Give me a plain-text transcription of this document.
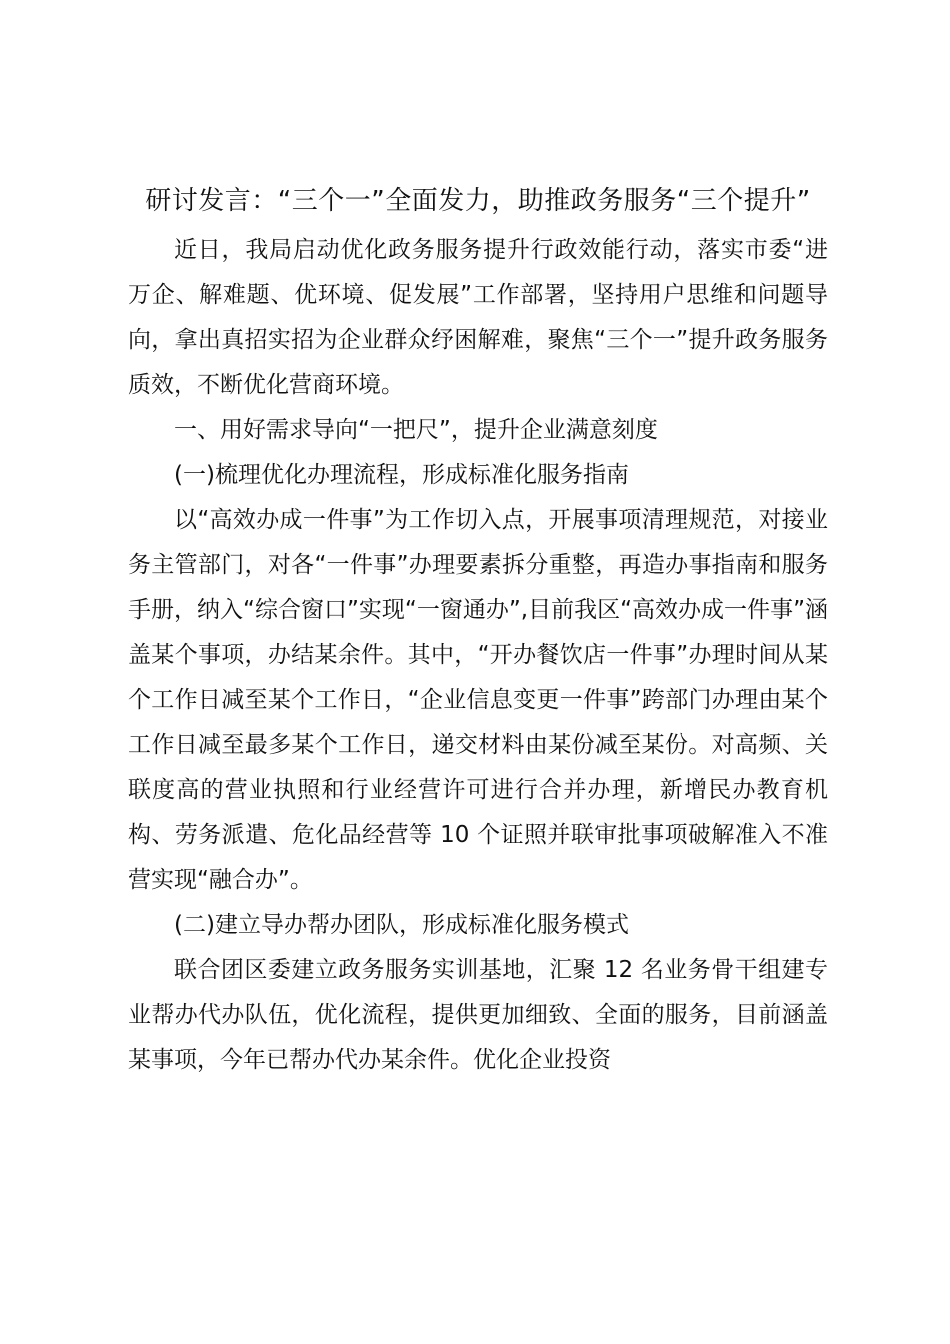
研讨发言：“三个一”全面发力，助推政务服务“三个提升”

近日，我局启动优化政务服务提升行政效能行动，落实市委“进万企、解难题、优环境、促发展”工作部署，坚持用户思维和问题导向，拿出真招实招为企业群众纾困解难，聚焦“三个一”提升政务服务质效，不断优化营商环境。

一、用好需求导向“一把尺”，提升企业满意刻度
(一)梳理优化办理流程，形成标准化服务指南

以“高效办成一件事”为工作切入点，开展事项清理规范，对接业务主管部门，对各“一件事”办理要素拆分重整，再造办事指南和服务手册，纳入“综合窗口”实现“一窗通办”,目前我区“高效办成一件事”涵盖某个事项，办结某余件。其中，“开办餐饮店一件事”办理时间从某个工作日减至某个工作日，“企业信息变更一件事”跨部门办理由某个工作日减至最多某个工作日，递交材料由某份减至某份。对高频、关联度高的营业执照和行业经营许可进行合并办理，新增民办教育机构、劳务派遣、危化品经营等 10 个证照并联审批事项破解准入不准营实现“融合办”。

(二)建立导办帮办团队，形成标准化服务模式

联合团区委建立政务服务实训基地，汇聚 12 名业务骨干组建专业帮办代办队伍，优化流程，提供更加细致、全面的服务，目前涵盖某事项，今年已帮办代办某余件。优化企业投资
